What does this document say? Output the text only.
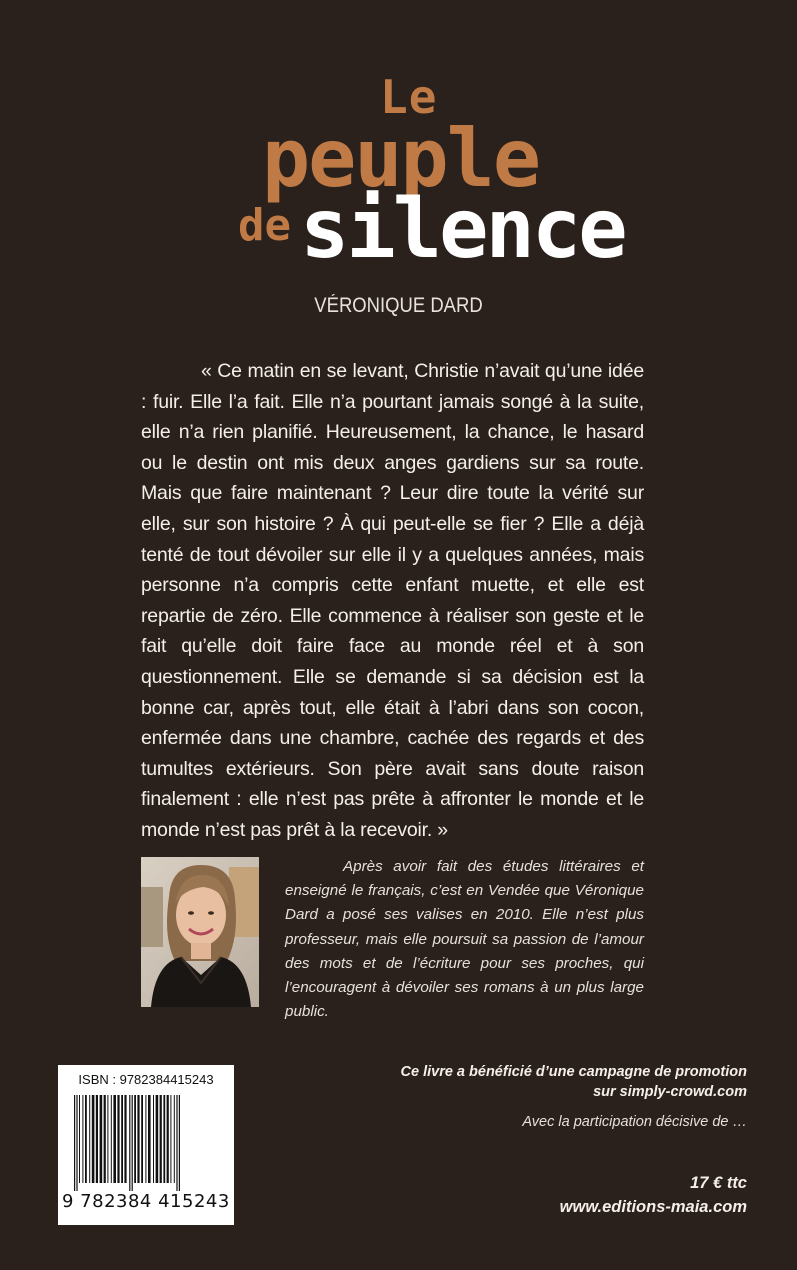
Le
peuple
de silence
VÉRONIQUE DARD
« Ce matin en se levant, Christie n’avait qu’une idée : fuir. Elle l’a fait. Elle n’a pourtant jamais songé à la suite, elle n’a rien planifié. Heureusement, la chance, le hasard ou le destin ont mis deux anges gardiens sur sa route. Mais que faire maintenant ? Leur dire toute la vérité sur elle, sur son histoire ? À qui peut-elle se fier ? Elle a déjà tenté de tout dévoiler sur elle il y a quelques années, mais personne n’a compris cette enfant muette, et elle est repartie de zéro. Elle commence à réaliser son geste et le fait qu’elle doit faire face au monde réel et à son questionnement. Elle se demande si sa décision est la bonne car, après tout, elle était à l’abri dans son cocon, enfermée dans une chambre, cachée des regards et des tumultes extérieurs. Son père avait sans doute raison finalement : elle n’est pas prête à affronter le monde et le monde n’est pas prêt à la recevoir. »
Après avoir fait des études littéraires et enseigné le français, c’est en Vendée que Véronique Dard a posé ses valises en 2010. Elle n’est plus professeur, mais elle poursuit sa passion de l’amour des mots et de l’écriture pour ses proches, qui l’encouragent à dévoiler ses romans à un plus large public.
ISBN : 9782384415243
9 782384 415243
Ce livre a bénéficié d’une campagne de promotion
sur simply-crowd.com
Avec la participation décisive de …
17 € ttc
www.editions-maia.com
